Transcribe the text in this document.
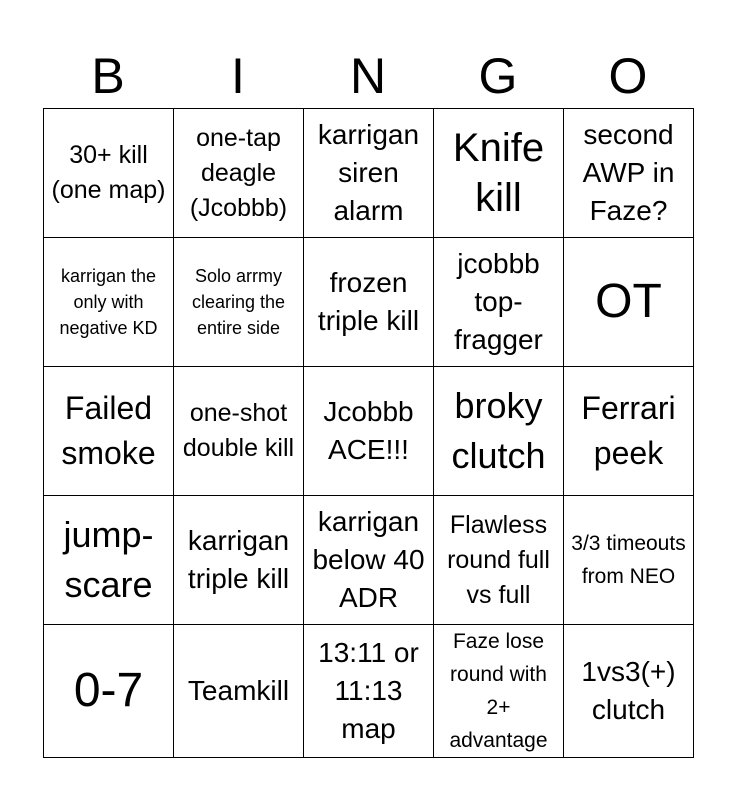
B	I	N	G	O
30+ kill (one map)	one-tap deagle (Jcobbb)	karrigan siren alarm	Knife kill	second AWP in Faze?

karrigan the only with negative KD	Solo arrmy clearing the entire side	frozen triple kill	jcobbb top-fragger	OT

Failed smoke	one-shot double kill	Jcobbb ACE!!!	broky clutch	Ferrari peek

jump-scare	karrigan triple kill	karrigan below 40 ADR	Flawless round full vs full	3/3 timeouts from NEO

0-7	Teamkill	13:11 or 11:13 map	Faze lose round with 2+ advantage	1vs3(+) clutch
